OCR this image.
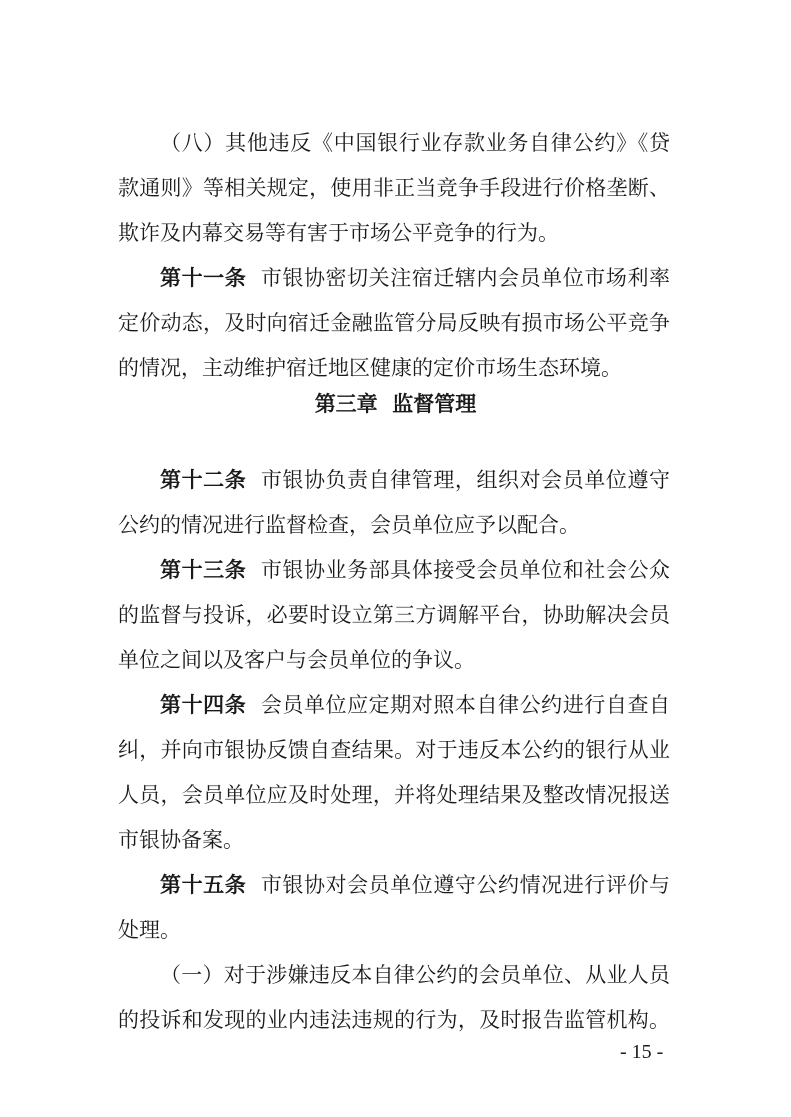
（八）其他违反《中国银行业存款业务自律公约》《贷
款通则》等相关规定，使用非正当竞争手段进行价格垄断、
欺诈及内幕交易等有害于市场公平竞争的行为。
第十一条 市银协密切关注宿迁辖内会员单位市场利率
定价动态，及时向宿迁金融监管分局反映有损市场公平竞争
的情况，主动维护宿迁地区健康的定价市场生态环境。
第三章  监督管理
第十二条 市银协负责自律管理，组织对会员单位遵守
公约的情况进行监督检查，会员单位应予以配合。
第十三条 市银协业务部具体接受会员单位和社会公众
的监督与投诉，必要时设立第三方调解平台，协助解决会员
单位之间以及客户与会员单位的争议。
第十四条 会员单位应定期对照本自律公约进行自查自
纠，并向市银协反馈自查结果。对于违反本公约的银行从业
人员，会员单位应及时处理，并将处理结果及整改情况报送
市银协备案。
第十五条 市银协对会员单位遵守公约情况进行评价与
处理。
（一）对于涉嫌违反本自律公约的会员单位、从业人员
的投诉和发现的业内违法违规的行为，及时报告监管机构。
- 15 -
